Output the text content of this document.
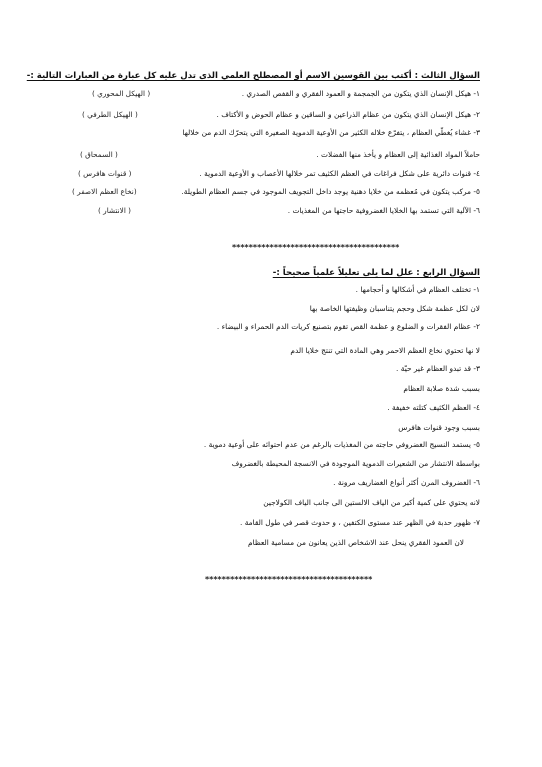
السؤال الثالث : أكتب بين القوسين الاسم أو المصطلح العلمي الذى تدل عليه كل عبارة من العبارات التالية :-
١- هيكل الإنسان الذي يتكون من الجمجمة و العمود الفقري و القفص الصدري .
( الهيكل المحوري )
٢- هيكل الإنسان الذي يتكون من عظام الذراعين و الساقين و عظام الحوض و الأكتاف .
( الهيكل الطرفي )
٣- غشاء يُغطّي العظام ، يتفرّع خلاله الكثير من الأوعية الدموية الصغيرة التي يتحرّك الدم من خلالها
حاملاً المواد الغذائية إلى العظام و يأخذ منها الفضلات .
( السمحاق )
٤- قنوات دائرية على شكل فراغات في العظم الكثيف تمر خلالها الأعصاب و الأوعية الدموية .
( قنوات هافرس )
٥- مركب يتكون في مُعظمه من خلايا دهنية يوجد داخل التجويف الموجود في جسم العظام الطويلة.
(نخاع العظم الاصفر )
٦- الآلية التي تستمد بها الخلايا الغضروفية حاجتها من المغذيات .
( الانتشار )
****************************************
السؤال الرابع : علل لما يلى تعليلاً علمياً صحيحاً :-
١- تختلف العظام في أشكالها و أحجامها .
لان لكل عظمة شكل وحجم يتناسبان وظيفتها الخاصة بها
٢- عظام الفقرات و الضلوع و عظمة القص تقوم بتصنيع كريات الدم الحمراء و البيضاء .
لا نها تحتوي نخاع العظم الاحمر وهي المادة التي تنتج خلايا الدم
٣- قد تبدو العظام غير حيّة .
بسبب شدة صلابة العظام
٤- العظم الكثيف كتلته خفيفة .
بسبب وجود قنوات هافرس
٥- يستمد النسيج الغضروفي حاجته من المغذيات بالرغم من عدم احتوائه على أوعية دموية .
بواسطة الانتشار من الشعيرات الدموية الموجودة في الانسجة المحيطة بالغضروف
٦- الغضروف المرن أكثر أنواع الغضاريف مرونة .
لانه يحتوي على كمية أكبر من الياف الالستين الى جانب الياف الكولاجين
٧- ظهور حدبة في الظهر عند مستوى الكتفين ، و حدوث قصر في طول القامة .
لان العمود الفقري ينحل عند الاشخاص الذين يعانون من مسامية العظام
****************************************
